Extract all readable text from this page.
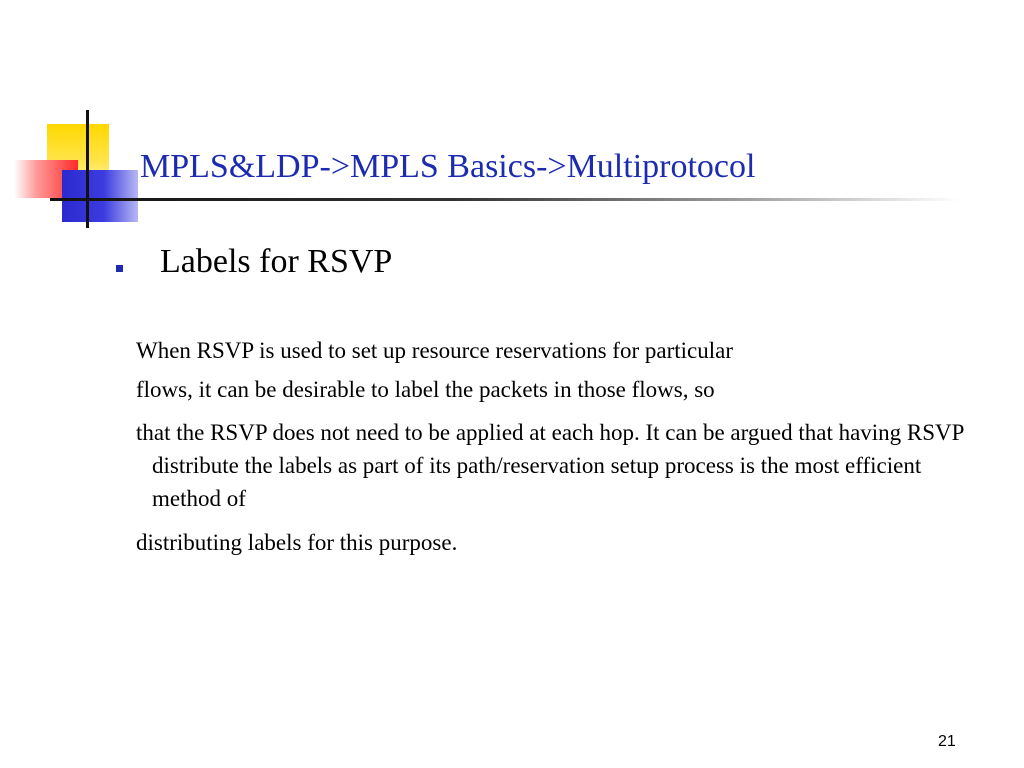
MPLS&LDP->MPLS Basics->Multiprotocol
Labels for RSVP
When RSVP is used to set up resource reservations for particular
flows, it can be desirable to label the packets in those flows, so
that the RSVP does not need to be applied at each hop. It can be argued that having RSVP distribute the labels as part of its path/reservation setup process is the most efficient method of
distributing labels for this purpose.
21
